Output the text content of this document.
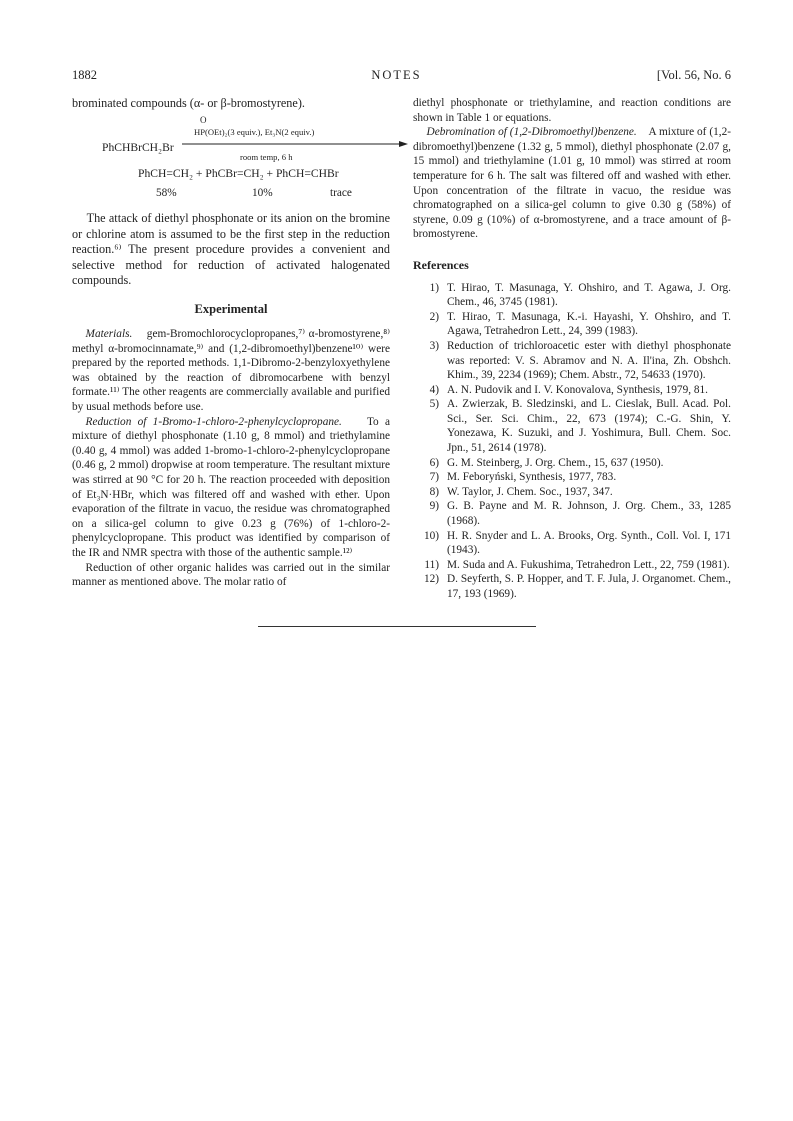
1882	NOTES	[Vol. 56, No. 6

brominated compounds (α- or β-bromostyrene).

O
PhCHBrCH₂Br
HP(OEt)₂(3 equiv.), Et₃N(2 equiv.)
room temp, 6 h
PhCH=CH₂ + PhCBr=CH₂ + PhCH=CHBr
58%	10%	trace

The attack of diethyl phosphonate or its anion on the bromine or chlorine atom is assumed to be the first step in the reduction reaction.⁶⁾ The present procedure provides a convenient and selective method for reduction of activated halogenated compounds.

Experimental

Materials. gem-Bromochlorocyclopropanes,⁷⁾ α-bromostyrene,⁸⁾ methyl α-bromocinnamate,⁹⁾ and (1,2-dibromoethyl)benzene¹⁰⁾ were prepared by the reported methods. 1,1-Dibromo-2-benzyloxyethylene was obtained by the reaction of dibromocarbene with benzyl formate.¹¹⁾ The other reagents are commercially available and purified by usual methods before use.

Reduction of 1-Bromo-1-chloro-2-phenylcyclopropane. To a mixture of diethyl phosphonate (1.10 g, 8 mmol) and triethylamine (0.40 g, 4 mmol) was added 1-bromo-1-chloro-2-phenylcyclopropane (0.46 g, 2 mmol) dropwise at room temperature. The resultant mixture was stirred at 90 °C for 20 h. The reaction proceeded with deposition of Et₃N·HBr, which was filtered off and washed with ether. Upon evaporation of the filtrate in vacuo, the residue was chromatographed on a silica-gel column to give 0.23 g (76%) of 1-chloro-2-phenylcyclopropane. This product was identified by comparison of the IR and NMR spectra with those of the authentic sample.¹²⁾

Reduction of other organic halides was carried out in the similar manner as mentioned above. The molar ratio of

diethyl phosphonate or triethylamine, and reaction conditions are shown in Table 1 or equations.

Debromination of (1,2-Dibromoethyl)benzene. A mixture of (1,2-dibromoethyl)benzene (1.32 g, 5 mmol), diethyl phosphonate (2.07 g, 15 mmol) and triethylamine (1.01 g, 10 mmol) was stirred at room temperature for 6 h. The salt was filtered off and washed with ether. Upon concentration of the filtrate in vacuo, the residue was chromatographed on a silica-gel column to give 0.30 g (58%) of styrene, 0.09 g (10%) of α-bromostyrene, and a trace amount of β-bromostyrene.

References
1) T. Hirao, T. Masunaga, Y. Ohshiro, and T. Agawa, J. Org. Chem., 46, 3745 (1981).
2) T. Hirao, T. Masunaga, K.-i. Hayashi, Y. Ohshiro, and T. Agawa, Tetrahedron Lett., 24, 399 (1983).
3) Reduction of trichloroacetic ester with diethyl phosphonate was reported: V. S. Abramov and N. A. Il'ina, Zh. Obshch. Khim., 39, 2234 (1969); Chem. Abstr., 72, 54633 (1970).
4) A. N. Pudovik and I. V. Konovalova, Synthesis, 1979, 81.
5) A. Zwierzak, B. Sledzinski, and L. Cieslak, Bull. Acad. Pol. Sci., Ser. Sci. Chim., 22, 673 (1974); C.-G. Shin, Y. Yonezawa, K. Suzuki, and J. Yoshimura, Bull. Chem. Soc. Jpn., 51, 2614 (1978).
6) G. M. Steinberg, J. Org. Chem., 15, 637 (1950).
7) M. Feboryński, Synthesis, 1977, 783.
8) W. Taylor, J. Chem. Soc., 1937, 347.
9) G. B. Payne and M. R. Johnson, J. Org. Chem., 33, 1285 (1968).
10) H. R. Snyder and L. A. Brooks, Org. Synth., Coll. Vol. I, 171 (1943).
11) M. Suda and A. Fukushima, Tetrahedron Lett., 22, 759 (1981).
12) D. Seyferth, S. P. Hopper, and T. F. Jula, J. Organomet. Chem., 17, 193 (1969).
